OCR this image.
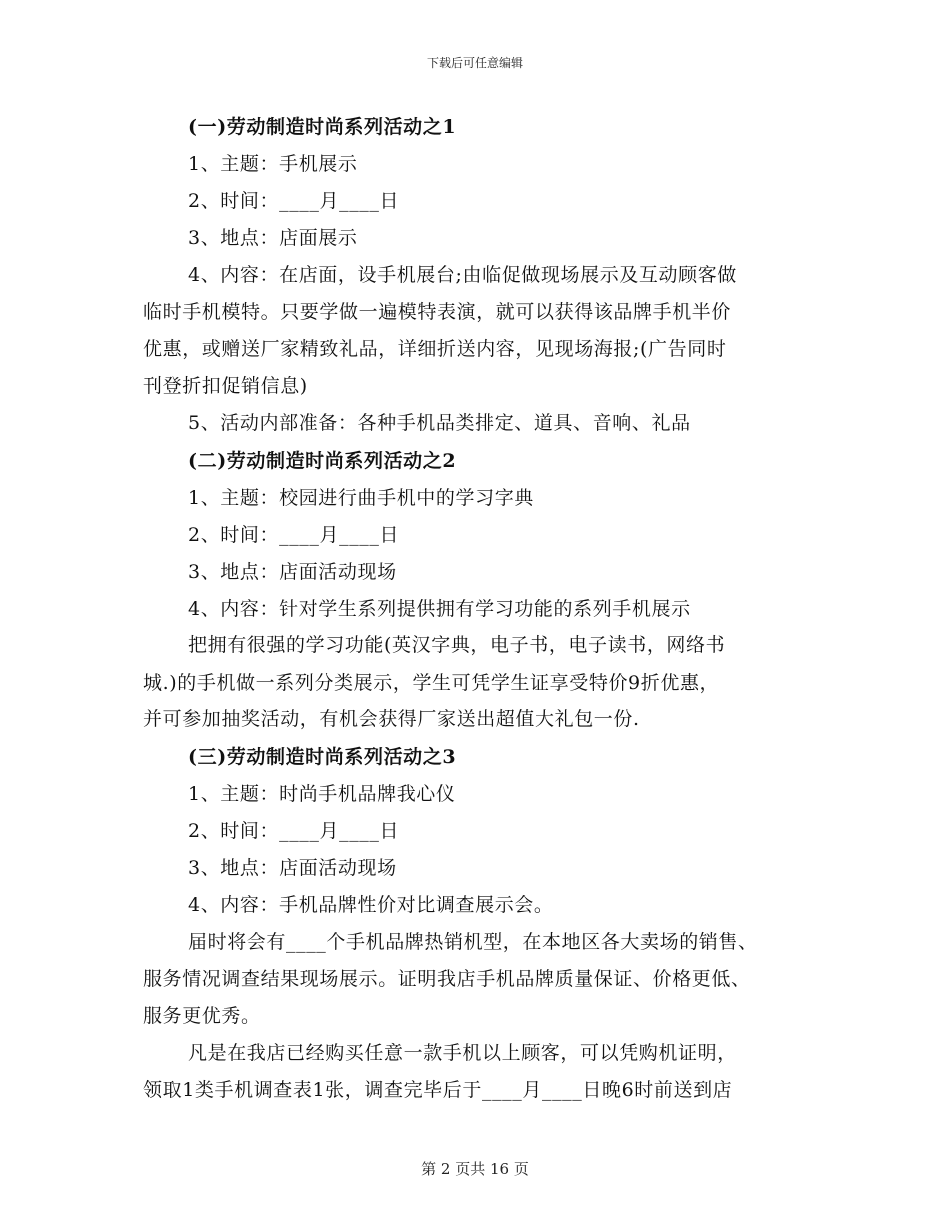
下载后可任意编辑
(一)劳动制造时尚系列活动之1
1、主题：手机展示
2、时间：____月____日
3、地点：店面展示
4、内容：在店面，设手机展台;由临促做现场展示及互动顾客做
临时手机模特。只要学做一遍模特表演，就可以获得该品牌手机半价
优惠，或赠送厂家精致礼品，详细折送内容，见现场海报;(广告同时
刊登折扣促销信息)
5、活动内部准备：各种手机品类排定、道具、音响、礼品
(二)劳动制造时尚系列活动之2
1、主题：校园进行曲手机中的学习字典
2、时间：____月____日
3、地点：店面活动现场
4、内容：针对学生系列提供拥有学习功能的系列手机展示
把拥有很强的学习功能(英汉字典，电子书，电子读书，网络书
城.)的手机做一系列分类展示，学生可凭学生证享受特价9折优惠，
并可参加抽奖活动，有机会获得厂家送出超值大礼包一份.
(三)劳动制造时尚系列活动之3
1、主题：时尚手机品牌我心仪
2、时间：____月____日
3、地点：店面活动现场
4、内容：手机品牌性价对比调查展示会。
届时将会有____个手机品牌热销机型，在本地区各大卖场的销售、
服务情况调查结果现场展示。证明我店手机品牌质量保证、价格更低、
服务更优秀。
凡是在我店已经购买任意一款手机以上顾客，可以凭购机证明，
领取1类手机调查表1张，调查完毕后于____月____日晚6时前送到店
第 2 页共 16 页
